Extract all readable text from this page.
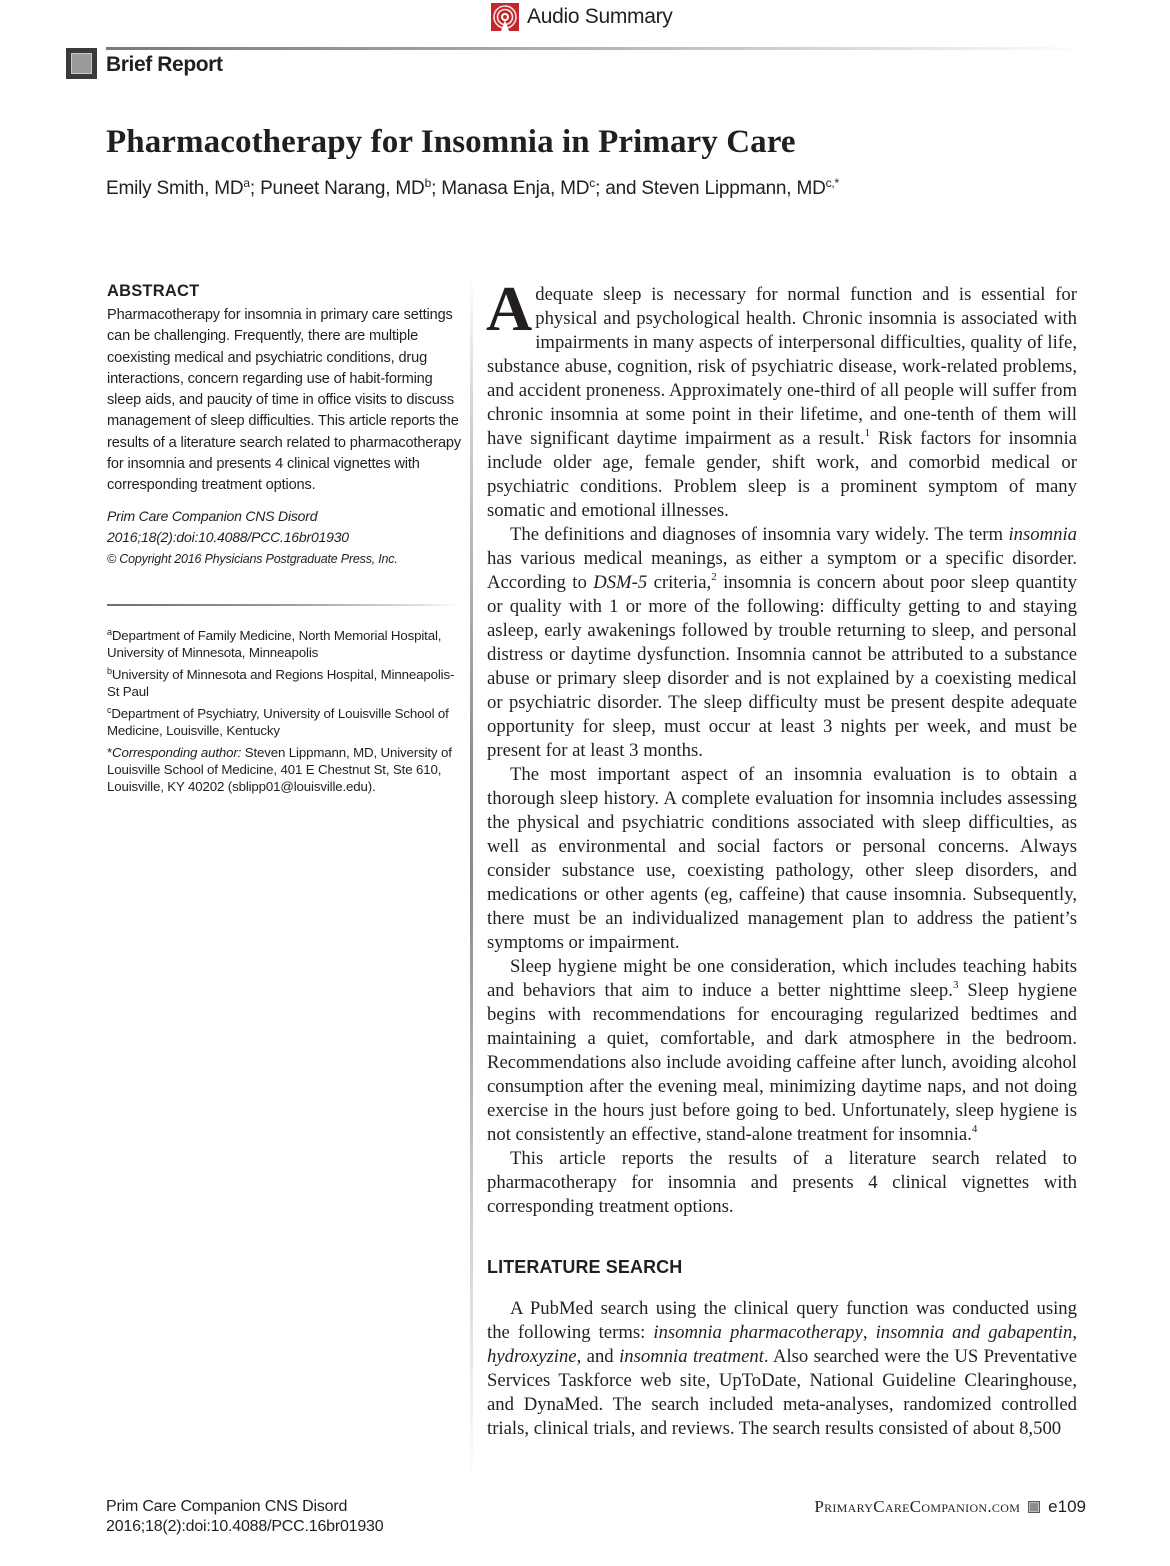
Audio Summary
Brief Report
Pharmacotherapy for Insomnia in Primary Care
Emily Smith, $MD^a$; Puneet Narang, $MD^b$; Manasa Enja, $MD^c$; and Steven Lippmann, $MD^{c,*}$
ABSTRACT

Pharmacotherapy for insomnia in primary care settings can be challenging. Frequently, there are multiple coexisting medical and psychiatric conditions, drug interactions, concern regarding use of habit-forming sleep aids, and paucity of time in office visits to discuss management of sleep difficulties. This article reports the results of a literature search related to pharmacotherapy for insomnia and presents 4 clinical vignettes with corresponding treatment options.

Prim Care Companion CNS Disord
2016;18(2):doi:10.4088/PCC.16br01930
© Copyright 2016 Physicians Postgraduate Press, Inc.

$^a$Department of Family Medicine, North Memorial Hospital, University of Minnesota, Minneapolis

$^b$University of Minnesota and Regions Hospital, Minneapolis-St Paul

$^c$Department of Psychiatry, University of Louisville School of Medicine, Louisville, Kentucky

*Corresponding author: Steven Lippmann, MD, University of Louisville School of Medicine, 401 E Chestnut St, Ste 610, Louisville, KY 40202 (sblipp01@louisville.edu).

Adequate sleep is necessary for normal function and is essential for physical and psychological health. Chronic insomnia is associated with impairments in many aspects of interpersonal difficulties, quality of life, substance abuse, cognition, risk of psychiatric disease, work-related problems, and accident proneness. Approximately one-third of all people will suffer from chronic insomnia at some point in their lifetime, and one-tenth of them will have significant daytime impairment as a result.$^1$ Risk factors for insomnia include older age, female gender, shift work, and comorbid medical or psychiatric conditions. Problem sleep is a prominent symptom of many somatic and emotional illnesses.

The definitions and diagnoses of insomnia vary widely. The term insomnia has various medical meanings, as either a symptom or a specific disorder. According to DSM-5 criteria,$^2$ insomnia is concern about poor sleep quantity or quality with 1 or more of the following: difficulty getting to and staying asleep, early awakenings followed by trouble returning to sleep, and personal distress or daytime dysfunction. Insomnia cannot be attributed to a substance abuse or primary sleep disorder and is not explained by a coexisting medical or psychiatric disorder. The sleep difficulty must be present despite adequate opportunity for sleep, must occur at least 3 nights per week, and must be present for at least 3 months.

The most important aspect of an insomnia evaluation is to obtain a thorough sleep history. A complete evaluation for insomnia includes assessing the physical and psychiatric conditions associated with sleep difficulties, as well as environmental and social factors or personal concerns. Always consider substance use, coexisting pathology, other sleep disorders, and medications or other agents (eg, caffeine) that cause insomnia. Subsequently, there must be an individualized management plan to address the patient’s symptoms or impairment.

Sleep hygiene might be one consideration, which includes teaching habits and behaviors that aim to induce a better nighttime sleep.$^3$ Sleep hygiene begins with recommendations for encouraging regularized bedtimes and maintaining a quiet, comfortable, and dark atmosphere in the bedroom. Recommendations also include avoiding caffeine after lunch, avoiding alcohol consumption after the evening meal, minimizing daytime naps, and not doing exercise in the hours just before going to bed. Unfortunately, sleep hygiene is not consistently an effective, stand-alone treatment for insomnia.$^4$

This article reports the results of a literature search related to pharmacotherapy for insomnia and presents 4 clinical vignettes with corresponding treatment options.

LITERATURE SEARCH

A PubMed search using the clinical query function was conducted using the following terms: insomnia pharmacotherapy, insomnia and gabapentin, hydroxyzine, and insomnia treatment. Also searched were the US Preventative Services Taskforce web site, UpToDate, National Guideline Clearinghouse, and DynaMed. The search included meta-analyses, randomized controlled trials, clinical trials, and reviews. The search results consisted of about 8,500

Prim Care Companion CNS Disord
2016;18(2):doi:10.4088/PCC.16br01930
PrimaryCareCompanion.com e109
